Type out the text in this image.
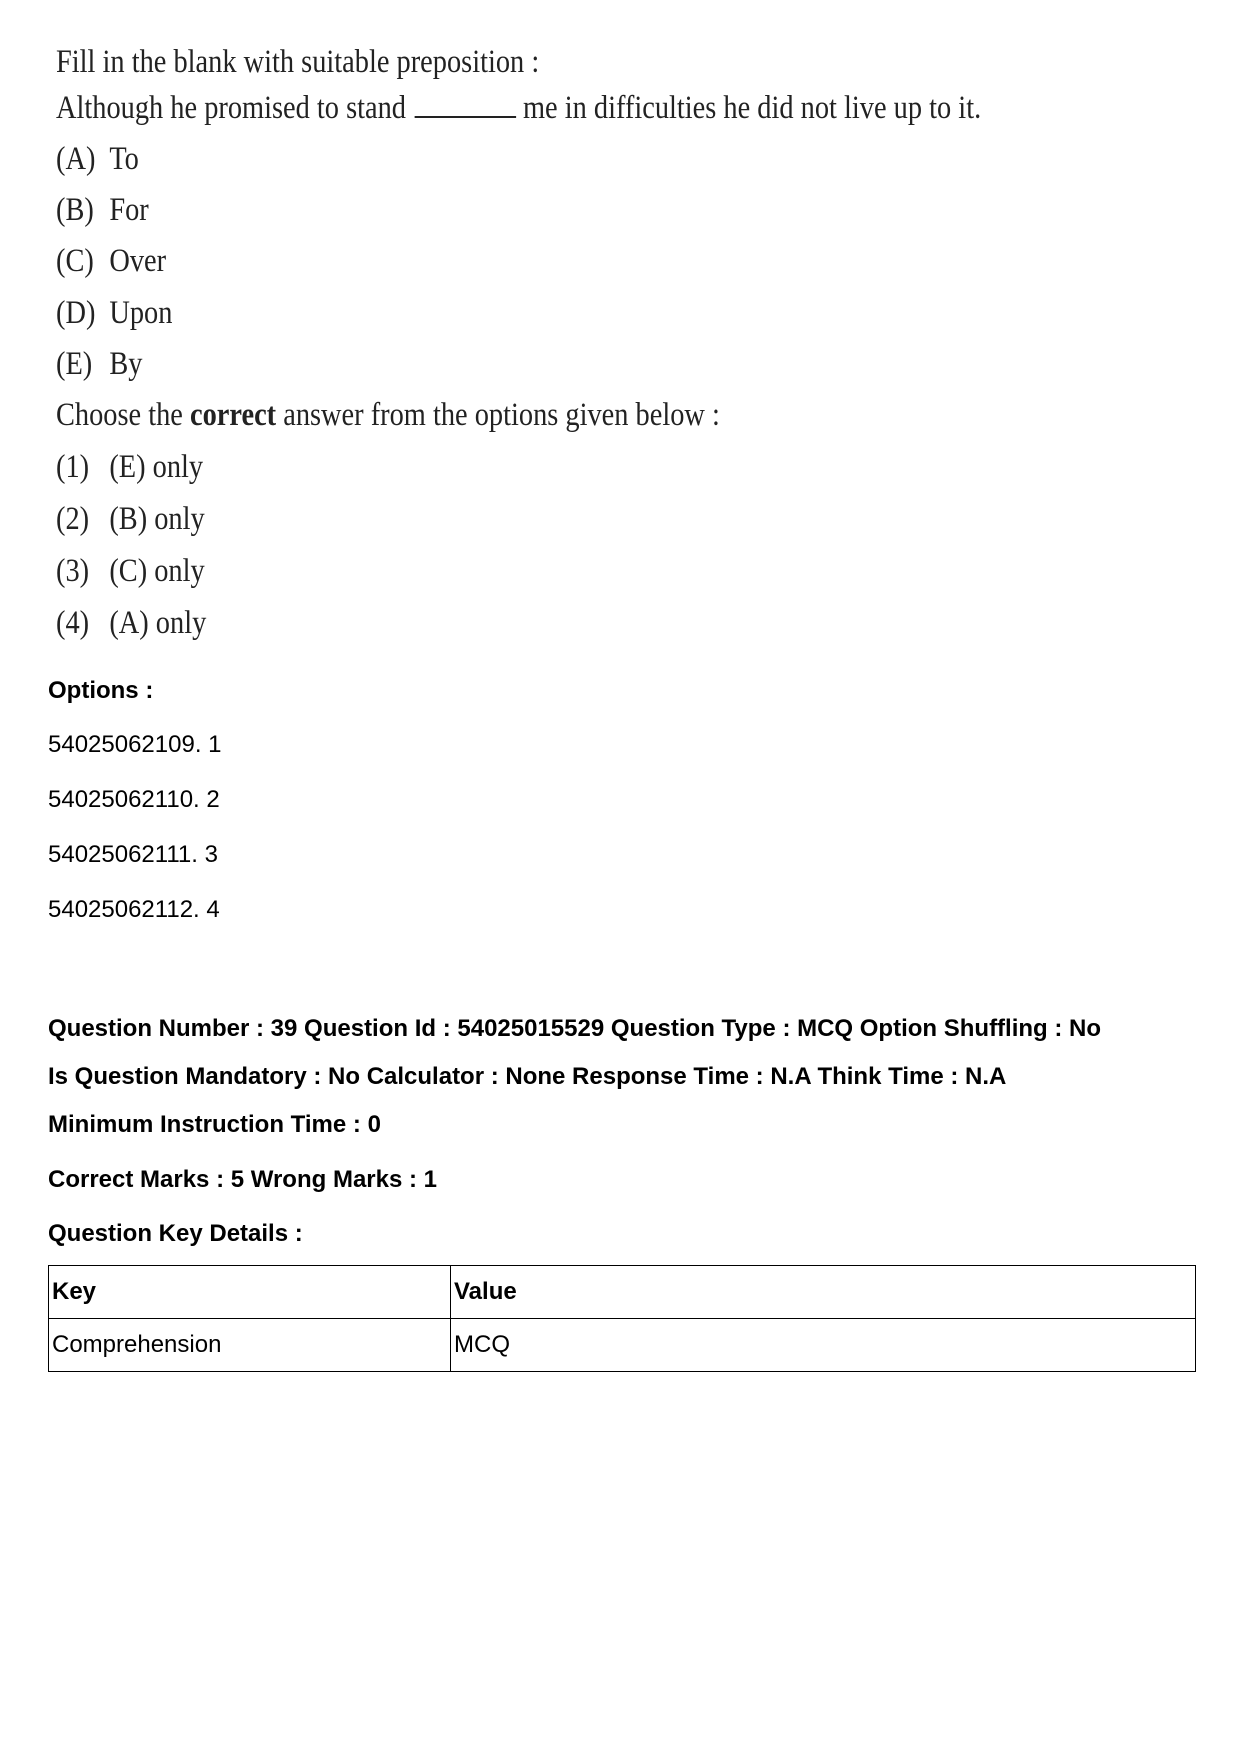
Fill in the blank with suitable preposition :
Although he promised to stand	me in difficulties he did not live up to it.
(A) To
(B) For
(C) Over
(D) Upon
(E) By
Choose the correct answer from the options given below :
(1) (E) only
(2) (B) only
(3) (C) only
(4) (A) only
Options :
54025062109. 1
54025062110. 2
54025062111. 3
54025062112. 4
Question Number : 39 Question Id : 54025015529 Question Type : MCQ Option Shuffling : No
Is Question Mandatory : No Calculator : None Response Time : N.A Think Time : N.A
Minimum Instruction Time : 0
Correct Marks : 5 Wrong Marks : 1
Question Key Details :
Key	Value
Comprehension	MCQ
